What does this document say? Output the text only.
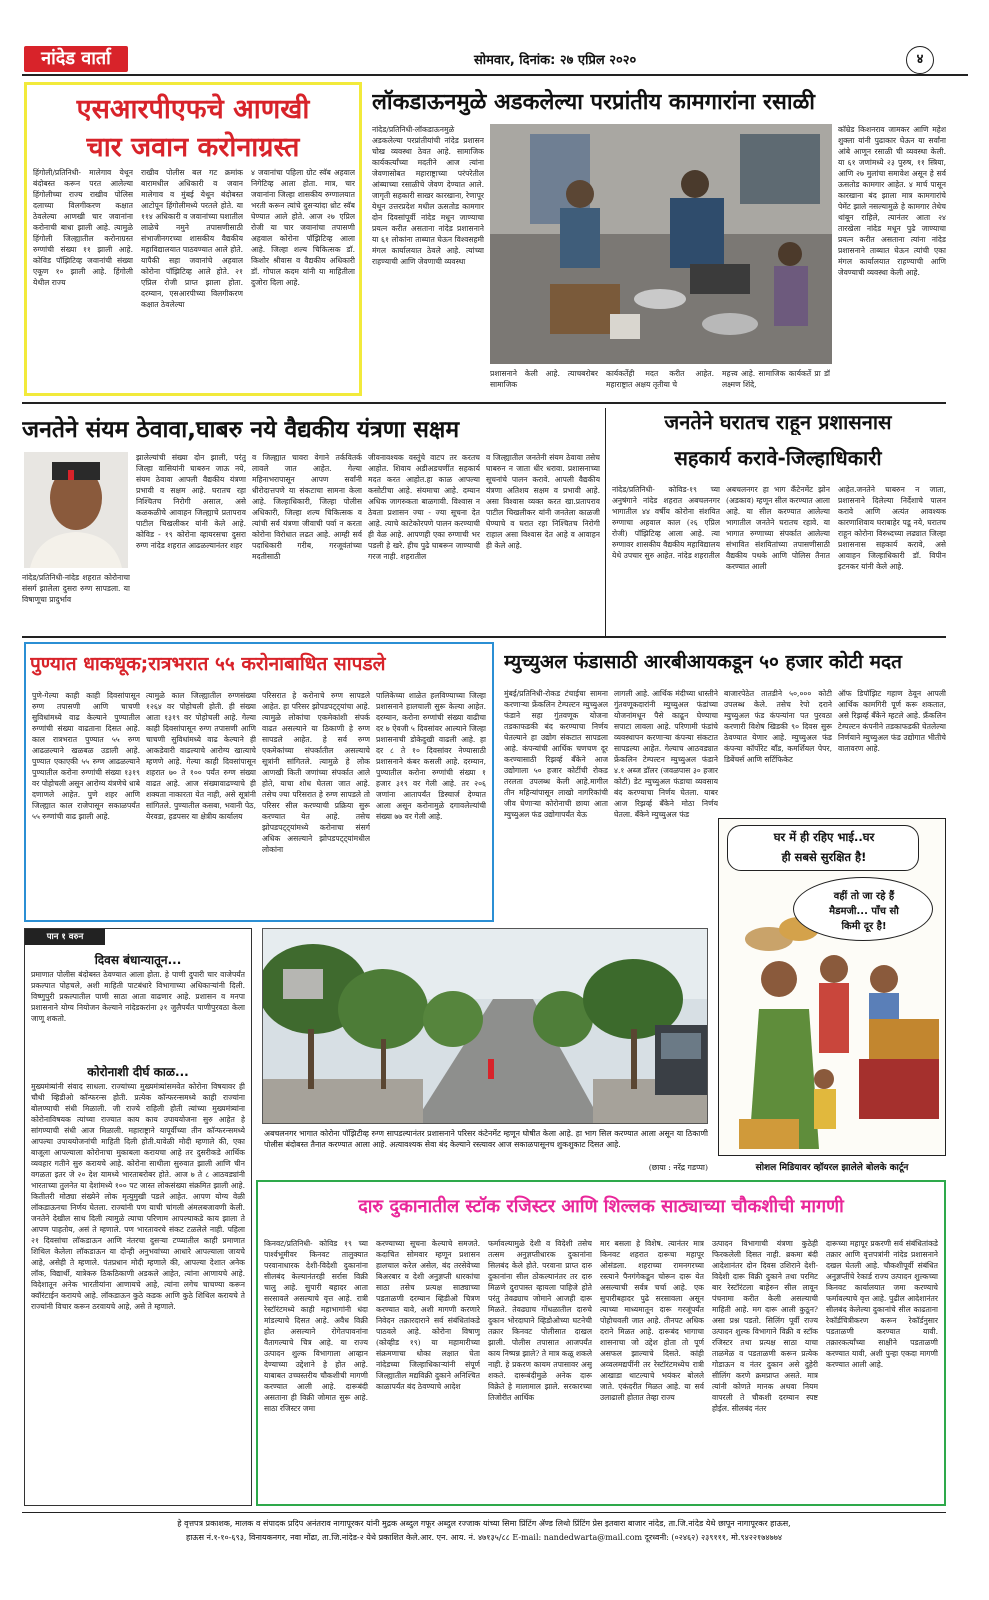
नांदेड वार्ता	सोमवार, दिनांक: २७ एप्रिल २०२०	४
एसआरपीएफचे आणखी
चार जवान करोनाग्रस्त
हिंगोली/प्रतिनिधी- मालेगाव येथून बंदोबस्त करून परत आलेल्या हिंगोलीच्या राज्य राखीव पोलिस दलाच्या विलगीकरण कक्षात ठेवलेल्या आणखी चार जवानांना करोनाची बाधा झाली आहे. त्यामुळे हिंगोली जिल्ह्यातील करोनाग्रस्त रुग्णांची संख्या ११ झाली आहे. कोविड पॉझिटिव्ह जवानांची संख्या एकूण १० झाली आहे. हिंगोली येथील राज्य
राखीव पोलीस बल गट क्रमांक बारामधील अधिकारी व जवान मालेगाव व मुंबई येथून बंदोबस्त आटोपून हिंगोलीमध्ये परतले होते. या ११४ अधिकारी व जवानांच्या घशातील लाळेचे नमुने तपासणीसाठी संभाजीनगरच्या शासकीय वैद्यकीय महाविद्यालयात पाठवण्यात आले होते. यापैकी सहा जवानांचे अहवाल कोरोना पॉझिटिव्ह आले होते. २१ एप्रिल रोजी प्राप्त झाला होता. दरम्यान, एसआरपीच्या विलगीकरण कक्षात ठेवलेल्या
४ जवानांचा पहिला ग्रोट स्वॅब अहवाल निगेटिव्ह आला होता. मात्र, चार जवानांना जिल्हा शासकीय रुग्णालयात भरती करून त्यांचे दुसऱ्यांदा थ्रोट स्वॅब घेण्यात आले होते. आज २७ एप्रिल रोजी या चार जवानांचा तपासणी अहवाल कोरोना पॉझिटिव्ह आला आहे. जिल्हा शल्य चिकित्सक डॉ. किशोर श्रीवास व वैद्यकीय अधिकारी डॉ. गोपाल कदम यांनी या माहितीला दुजोरा दिला आहे.
लॉकडाऊनमुळे अडकलेल्या परप्रांतीय कामगारांना रसाळी
नांदेड/प्रतिनिधी-लॉकडाऊनमुळे अडकलेल्या परप्रांतीयांची नांदेड प्रशासन चोख व्यवस्था ठेवत आहे. सामाजिक कार्यकर्त्यांच्या मदतीने आज त्यांना जेवणासोबत महाराष्ट्राच्या परंपरेतील आंब्याच्या रसाळीचे जेवण देण्यात आले. जागृती सहकारी साखर कारखाना, रेणापूर येथून उत्तरप्रदेश मधील ऊसतोड कामगार दोन दिवसांपूर्वी नांदेड मधून जाण्याचा प्रयत्न करीत असताना नांदेड प्रशासनाने या ६१ लोकांना ताब्यात घेऊन विश्वसहमी मंगल कार्यालयात ठेवले आहे. त्यांच्या राहण्याची आणि जेवणाची व्यवस्था
प्रशासनाने केली आहे. त्याचबरोबर सामाजिक
कार्यकर्तेही मदत करीत आहेत. महाराष्ट्रात अक्षय तृतीया चे
महत्त्व आहे. सामाजिक कार्यकर्ते प्रा डॉ लक्ष्मण शिंदे,
कॉम्रेड किशनराव जामकर आणि महेश शुक्ला यांनी पुढाकार घेऊन या सर्वांना आंबे आणून रसाळी ची व्यवस्था केली. या ६१ जणांमध्ये २३ पुरुष, ११ स्त्रिया, आणि २७ मुलांचा समावेश असून हे सर्व ऊसतोड कामगार आहेत. ४ मार्च पासून कारखाना बंद झाला मात्र कामगारांचे पेमेंट झाले नसल्यामुळे हे कामगार तेथेच थांबून राहिले, त्यानंतर आता २४ तारखेला नांदेड मधून पुढे जाण्याचा प्रयत्न करीत असताना त्यांना नांदेड प्रशासनाने ताब्यात घेऊन त्यांची एका मंगल कार्यालयात राहण्याची आणि जेवण्याची व्यवस्था केली आहे.
जनतेने संयम ठेवावा,घाबरु नये वैद्यकीय यंत्रणा सक्षम
नांदेड/प्रतिनिधी-नांदेड शहरात कोरोनाचा संसर्ग झालेला दुसरा रुग्ण सापडला. या विषाणूचा प्रादुर्भाव
झालेल्यांची संख्या दोन झाली, परंतु जिल्हा वासियांनी घाबरुन जाऊ नये, संयम ठेवावा आपली वैद्यकीय यंत्रणा प्रभावी व सक्षम आहे. घरातच रहा निश्चितच निरोगी असाल, असे कळकळीचे आवाहन जिल्ह्याचे प्रतापराव पाटील चिखलीकर यांनी केले आहे. कोविड - १९ कोरोना व्हायरसचा दुसरा रुग्ण नांदेड शहरात आढळल्यानंतर शहर
व जिल्ह्यात चावरा वेगाने तर्कवितर्क लावले जात आहेत. गेल्या महिनाभरापासून आपण सर्वांनी धीरोदात्तपणे या संकटाचा सामना केला आहे. जिल्हाधिकारी, जिल्हा पोलीस अधिकारी, जिल्हा शल्य चिकित्सक व त्यांची सर्व यंत्रणा जीवाची पर्वा न करता कोरोना विरोधात लढत आहे. आम्ही सर्व पदाधिकारी गरीब, गरजूवंतांच्या मदतीसाठी
जीवनावश्यक वस्तूंचे वाटप तर करतच आहोत. शिवाय अडीअडचणींत सहकार्य मदत करत आहोत.हा काळ आपल्या कसोटीचा आहे. संयमाचा आहे. दम्यान अधिक जागरुकता बाळगावी. विश्वास न ठेवता प्रशासन ज्या - ज्या सूचना देत आहे. त्याचे काटेकोरपणे पालन करण्याची ही वेळ आहे. आपणही एका रुग्णाची भर पडली हे खरे. हीच पुढे घाबरून जाण्याची गरज नाही. शहरातील
व जिल्ह्यातील जनतेनी संयम ठेवावा तसेच घाबरुन न जाता धीर धरावा. प्रशासनाच्या सूचनांचे पालन करावे. आपली वैद्यकीय यंत्रणा अतिशय सक्षम व प्रभावी आहे. असा विश्वास व्यक्त करत खा.प्रतापराव पाटील चिखलीकर यांनी जनतेला काळजी घेण्याचे व घरात रहा निश्चितच निरोगी राहाल असा विश्वास देत आहे व आवाहन ही केले आहे.
जनतेने घरातच राहून प्रशासनास
सहकार्य करावे-जिल्हाधिकारी
नांदेड/प्रतिनिधी- कोविड-१९ च्या अनुषंगाने नांदेड शहरात अबचलनगर भागातील ४४ वर्षीय कोरोना संशयित रुग्णाचा अहवाल काल (२६ एप्रिल रोजी) पॉझिटिव्ह आला आहे. त्या रुग्णावर शासकीय वैद्यकीय महाविद्यालय येथे उपचार सुरु आहेत. नांदेड शहरातील
अबचलनगर हा भाग कँटेनमेंट झोन (अडकाव) म्हणून सील करण्यात आला आहे. या सील करण्यात आलेल्या भागातील जनतेने घरातच रहावे. या भागात रुग्णाच्या संपर्कात आलेल्या संभावित संशयितांच्या तपासणीसाठी वैद्यकीय पथके आणि पोलिस तैनात करण्यात आली
आहेत.जनतेने घाबरुन न जाता, प्रशासनाने दिलेल्या निर्देशाचे पालन करावे आणि अत्यंत आवश्यक कारणाशिवाय घराबाहेर पडू नये, घरातच राहून कोरोना विरुध्दच्या लढ्यात जिल्हा प्रशासनास सहकार्य करावे, असे आवाहन जिल्हाधिकारी डॉ. विपीन इटनकर यांनी केले आहे.
पुण्यात धाकधूक;रात्रभरात ५५ करोनाबाधित सापडले
पुणे-गेल्या काही काही दिवसांपासून रुग्ण तपासणी आणि चाचणी सुविधांमध्ये वाढ केल्याने पुण्यातील रुग्णांची संख्या वाढताना दिसत आहे. काल रात्रभरात पुण्यात ५५ रुग्ण आढळल्याने खळबळ उडाली आहे. पुण्यात एकाएकी ५५ रुग्ण आढळल्याने पुण्यातील करोना रुग्णांची संख्या १३१९ वर पोहोचली असून आरोग्य यंत्रणेचे धाबे दणाणले आहेत. पुणे शहर आणि जिल्ह्यात काल राजेपासून सकाळपर्यंत ५५ रुग्णांची वाढ झाली आहे.
त्यामुळे काल जिल्ह्यातील रुग्णसंख्या १२६४ वर पोहोचली होती. ही संख्या आता १३१९ वर पोहोचली आहे. गेल्या काही दिवसांपासून रुग्ण तपासणी आणि चाचणी सुविधांमध्ये वाढ केल्याने ही आकडेवारी वाढल्याचे आरोग्य खात्याचे म्हणणे आहे. गेल्या काही दिवसांपासून शहरात ७० ते १०० पर्यंत रुग्ण संख्या वाढत आहे. आज संख्यावाढण्याचे ही शक्यता नाकारता येत नाही, असे सूत्रांनी सांगितले. पुण्यातील कसबा, भवानी पेठ, येरवडा, हडपसर या क्षेत्रीय कार्यालय
परिसरात हे करोनाचे रुग्ण सापडले आहेत. हा परिसर झोपडपट्ट्यांचा आहे. त्यामुळे लोकांचा एकमेकांशी संपर्क वाढत असल्याने या ठिकाणी हे रुग्ण सापडले आहेत. हे सर्व रुग्ण एकमेकांच्या संपर्कातील असल्याचे सूत्रांनी सांगितले. त्यामुळे हे लोक आणखी किती जणांच्या संपर्कात आले होते, याचा शोध घेतला जात आहे. तसेच ज्या परिसरात हे रुग्ण सापडले तो परिसर सील करण्याची प्रक्रिया सुरू करण्यात येत आहे. तसेच झोपडपट्ट्यांमध्ये करोनाचा संसर्ग अधिक असल्याने झोपडपट्ट्यांमधील लोकांना
पालिकेच्या शाळेत हलविण्याच्या जिल्हा प्रशासनाने हालचाली सुरू केल्या आहेत. दरम्यान, करोना रुग्णांची संख्या वाढीचा दर ७ ऐवजी ५ दिवसांवर आल्याने जिल्हा प्रशासनाची डोकेदुखी वाढली आहे. हा दर ८ ते १० दिवसांवर नेण्यासाठी प्रशासनाने कंबर कसली आहे. दरम्यान, पुण्यातील करोना रुग्णांची संख्या १ हजार ३१९ वर गेली आहे. तर २०६ जणांना आतापर्यंत डिस्चार्ज देण्यात आला असून करोनामुळे दगावलेल्यांची संख्या ७७ वर गेली आहे.
म्युच्युअल फंडासाठी आरबीआयकडून ५० हजार कोटी मदत
मुंबई/प्रतिनिधी-रोकड टंचाईचा सामना करणाऱ्या फ्रेंकलिन टेम्पल्टन म्युच्युअल फंडाने सहा गुंतवणूक योजना तडकाफडकी बंद करण्याचा निर्णय घेतल्याने हा उद्योग संकटात सापडला आहे. कंपन्यांची आर्थिक चणचण दूर करण्यासाठी रिझर्व्ह बँकेने आज उद्योगाला ५० हजार कोटींची रोकड तरलता उपलब्ध केली आहे.मागील तीन महिन्यांपासून लाखो नागरिकांची जीव घेणाऱ्या कोरोनाची छाया आता म्युच्युअल फंड उद्योगापर्यंत येऊ
लागली आहे. आर्थिक मंदीच्या धास्तीने गुंतवणूकदारांनी म्युच्युअल फंडांच्या योजनांमधून पैसे काढून घेण्याचा सपाटा लावला आहे. परिणामी फंडांचे व्यवस्थापन करणाऱ्या कंपन्या संकटात सापडल्या आहेत. गेल्याच आठवड्यात फ्रेंकलिन टेम्पल्टन म्युच्युअल फंडाने ४.१ अब्ज डॉलर (जवळपास ३० हजार कोटी) डेट म्युच्युअल फंडाचा व्यवसाय बंद करण्याचा निर्णय घेतला. याबर आज रिझर्व्ह बँकेने मोठा निर्णय घेतला. बँकेने म्युच्युअल फंड
बाजारपेठेत तातडीने ५०,००० कोटी उपलब्ध केले. तसेच रेपो दराने म्युच्युअल फंड कंपन्यांना पत पुरवठा करणारी विशेष खिडकी ९० दिवस सुरू ठेवण्यात येणार आहे. म्युच्युअल फंड कंपन्या कॉर्पोरेट बॉंड, कमर्शियल पेपर, डिबेंचर्स आणि सर्टिफिकेट
ऑफ डिपॉझिट गहाण ठेवून आपली आर्थिक कामगिरी पूर्ण करू शकतात, असे रिझर्व्ह बँकेने म्हटले आहे. फ्रॅंकलिन टेम्पल्टन कंपनीने तडकाफडकी घेतलेल्या निर्णयाने म्युच्युअल फंड उद्योगात भीतीचे वातावरण आहे.
पान १ वरुन
दिवस बंधान्यातून...
प्रमाणात पोलीस बंदोबस्त ठेवण्यात आला होता. हे पाणी दुपारी चार वाजेपर्यंत प्रकल्पात पोहचले, अशी माहिती पाटबंधारे विभागाच्या अधिकाऱ्यांनी दिली. विष्णुपुरी प्रकल्पातील पाणी साठा आता वाढणार आहे. प्रशासन व मनपा प्रशासनाने योग्य नियोजन केल्याने नांदेडकरांना ३१ जुलैपर्यंत पाणीपुरवठा केला जाणू शकतो.
कोरोनाशी दीर्घ काळ...
मुख्यमंत्र्यांनी संवाद साधला. राज्यांच्या मुख्यमंत्र्यांसमवेत कोरोना विषयावर ही चौथी व्हिडीओ कॉन्फरन्स होती. प्रत्येक कॉन्फरन्समध्ये काही राज्यांना बोलण्याची संधी मिळाली. जी राज्ये राहिली होती त्यांच्या मुख्यमंत्र्यांना कोरोनाविषयक त्यांच्या राज्यात काय काय उपाययोजना सुरु आहेत हे सांगण्याची संधी आज मिळाली. महाराष्ट्राने यापूर्वीच्या तीन कॉन्फरन्समध्ये आपल्या उपाययोजनांची माहिती दिली होती.यावेळी मोदी म्हणाले की, एका बाजूला आपल्याला कोरोनाचा मुकाबला करायचा आहे तर दुसरीकडे आर्थिक व्यवहार गतीने सुरु करायचे आहे. कोरोना साथीला सुरुवात झाली आणि चीन वगळता इतर जे २० देश यामध्ये भारताबरोबर होते. आज ७ ते ८ आठवड्यांनी भारताच्या तुलनेत या देशांमध्ये १०० पट जास्त लोकसंख्या संक्रमित झाली आहे. कितीतरी मोठ्या संख्येने लोक मृत्युमुखी पडले आहेत. आपण योग्य वेळी लॉकडाऊनचा निर्णय घेतला. राज्यांनी पण याची चांगली अंमलबजावणी केली. जनतेने देखील साथ दिली त्यामुळे त्याचा परिणाम आपल्याकडे काय झाला ते आपण पाहतोय, असं ते म्हणाले. पण भारतावरचे संकट टळलेले नाही. पहिला २१ दिवसांचा लॉकडाऊन आणि नंतरचा दुसऱ्या टप्प्यातील काही प्रमाणात शिथिल केलेला लॉकडाऊन या दोन्ही अनुभवांच्या आधारे आपल्याला जायचे आहे, असेही ते म्हणाले. पंतप्रधान मोदी म्हणाले की, आपल्या देशात अनेक लॉक, विद्यार्थी, यात्रेकरु ठिकठिकाणी अडकले आहेत, त्यांना आणायचे आहे. विदेशातून अनेक भारतीयांना आणायचे आहे, त्यांना लगेच चाचण्या करून क्वॉरंटाईन करायचे आहे. लॉकडाऊन कुठे कडक आणि कुठे शिथिल करायचे ते राज्यांनी विचार करून ठरवायचे आहे, असे ते म्हणाले.
अबचलनगर भागात कोरोना पॉझिटीव्ह रुग्ण सापडल्यानंतर प्रशासनाने परिसर कंटेनमेंट म्हणून घोषीत केला आहे. हा भाग सिल करण्यात आला असून या ठिकाणी पोलीस बंदोबस्त तैनात करण्यात आला आहे. अत्यावश्यक सेवा बंद केल्याने रस्त्यावर आज सकाळपासूनच शुकशुकाट दिसत आहे.
(छाया : नरेंद्र गडप्पा)
घर में ही रहिए भाई..घर
ही सबसे सुरक्षित है!
वहीं तो जा रहे हैं
मैडमजी... पाँच सौ
किमी दूर है!
सोशल मिडियावर व्हॉयरल झालेले बोलके कार्टून
दारु दुकानातील स्टॉक रजिस्टर आणि शिल्लक साठ्याच्या चौकशीची मागणी
किनवट/प्रतिनिधी- कोविड १९ च्या पार्श्वभूमीवर किनवट तालुक्यात परवानाधारक देशी-विदेशी दुकानांना सीलबंद केल्यानंतरही सर्रास विक्री चालु आहे. सुपारी बहादर आता सरसावले असल्याचे वृत्त आहे. रात्री रेस्टॉरंटमध्ये काही महाभागांनी धंदा मांडल्याचे दिसत आहे. अवैध विक्री होत असल्याने रोगेतपावनांना वैतागल्याचे चित्र आहे. या राज्य उत्पादन शुल्क विभागाला आव्हान देण्याच्या उद्देशाने हे होत आहे. याबाबत उच्चस्तरीय चौकशीची मागणी करण्यात आली आहे. दारूबंदी असताना ही विक्री जोमात सुरू आहे. साठा रजिस्टर जमा
करण्याच्या सूचना केल्याचे समजते. कदाचित सोमवार म्हणून प्रशासन हालचाल करेल असेल, बंद तरसेवेच्या बिअरबार व देशी अनुज्ञप्ती धारकांचा साठा तसेच प्रत्यक्ष साठ्याच्या पडताळणी दरम्यान व्हिडीओ चित्रण करण्यात यावे, अशी मागणी करणारे निवेदन तक्रारदाराने सर्व संबंधितांकडे पाठवले आहे. कोरोना विषाणू (कोव्हीड १९) या महामारीच्या संक्रमणाचा धोका लक्षात घेता नांदेडच्या जिल्हाधिकाऱ्यांनी संपूर्ण जिल्ह्यातील मद्यविक्री दुकाने अनिश्चित काळापर्यंत बंद ठेवण्याचे आदेश
फर्मावल्यामुळे देशी व विदेशी तसेच तत्सम अनुज्ञप्तीधारक दुकानांना सिलबंद केले होते. परवाना प्राप्त दारु दुकानांना सील ठोकल्यानंतर तर दारु मिळणे दुरापास्त व्हायला पाहिजे होते परंतु तेवढ्याच जोमाने आजही दारू मिळते. तेवढ्याच गोंधळातील दारुचे दुकान भोरदाघाने व्हिडोओच्या घटनेची तक्रार किनवट पोलीसात दाखल झाली. पोलीस तपासात आजपर्यंत काय निष्पन्न झाले? ते मात्र कळू शकले नाही. हे प्रकरण कायम तपासावर असू शकते. दारूबंदीमुळे अनेक दारू विक्रेते हे मालामाल झाले. सरकारच्या तिजोरीत आर्थिक
मार बसला हे विशेष. त्यानंतर मात्र किनवट शहरात दारूचा महापूर ओसंडला. शहराच्या रामनगरच्या रस्त्याने पैनगंगेकडून चोरून दारू येत असल्याची सर्वत्र चर्चा आहे. एक सुपारीबहादर पुढे सरसावला असून त्याच्या माध्यमातून दारू गरजूंपर्यंत पोहोचवली जात आहे. तीनपट अधिक दराने मिळत आहे. दारूबंद भागाचा शासनाचा जो उद्देश होता तो पूर्ण असफल झाल्याचे दिसते. कांही अव्वलमद्यपींनी तर रेस्टॉरंटमध्येच रात्री आखाडा थाटल्याचे भयंकर बोलले जाते. एकंदरीत मिळत आहे. या सर्व उलाढाली होतात तेव्हा राज्य
उत्पादन विभागाची यंत्रणा कुठेही फिरकलेली दिसत नाही. ब्रकमा बंदी आदेशानंतर दोन दिवस उशिराने देशी-विदेशी दारू विक्री दुकाने तथा परमिट बार रेस्टॉरंटला बाहेरुन सील लावून पंचनामा करीत केली असल्याची माहिती आहे. मग दारू आली कुठून? असा प्रश्न पडतो. सिलिंग पूर्वी राज्य उत्पादन शुल्क विभागाने विक्री व स्टॉक रजिस्टर तथा प्रत्यक्ष साठा याचा ताळमेळ व पडताळणी करून प्रत्येक गोडाऊन व नंतर दुकान असे दुहेरी सीलिंग करणे क्रमप्राप्त असते. मात्र त्यांनी कोणते मानक अथवा नियम वापरली ते चौकशी दरम्यान स्पष्ट होईल. सीलबंद नंतर
दारूच्या महापूर प्रकरणी सर्व संबंधितांकडे तक्रार आणि वृत्तपत्रांनी नांदेड प्रशासनाने दखल घेतली आहे. चौकशीपूर्वी संबंधित अनुज्ञप्तींचे रेकार्ड राज्य उत्पादन शुल्कच्या किनवट कार्यालयात जमा करण्याचे फर्मावल्याचे वृत्त आहे. पुढील आदेशानंतर सीलबंद केलेल्या दुकानांचे सील काढताना रेकॉर्डचित्रीकरण करून रेकॉर्डनुसार पडताळणी करण्यात यावी. तक्रारकर्त्यांच्या साक्षीने पडताळणी करण्यात यावी, अशी पुन्हा एकदा मागणी करण्यात आली आहे.
हे वृत्तपत्र प्रकाशक, मालक व संपादक प्रदिप अनंतराव नागापूरकर यांनी मुद्रक अब्दुल गफूर अब्दुल रज्जाक यांच्या सिमा प्रिंटिंग ॲण्ड लिथो प्रिंटिंग प्रेस इतवारा बाजार नांदेड, ता.जि.नांदेड येथे छापून नागापूरकर हाऊस,
हाऊस नं.१-१०-६९३, विनायकनगर, नवा मोंढा, ता.जि.नांदेड-२ येथे प्रकाशित केले.आर. एन. आय. नं. ४७१३५/८८ E-mail: nandedwarta@mail.com दूरध्वनी: (०२४६२) २३९१११, मो.९४२२१७४७७४
